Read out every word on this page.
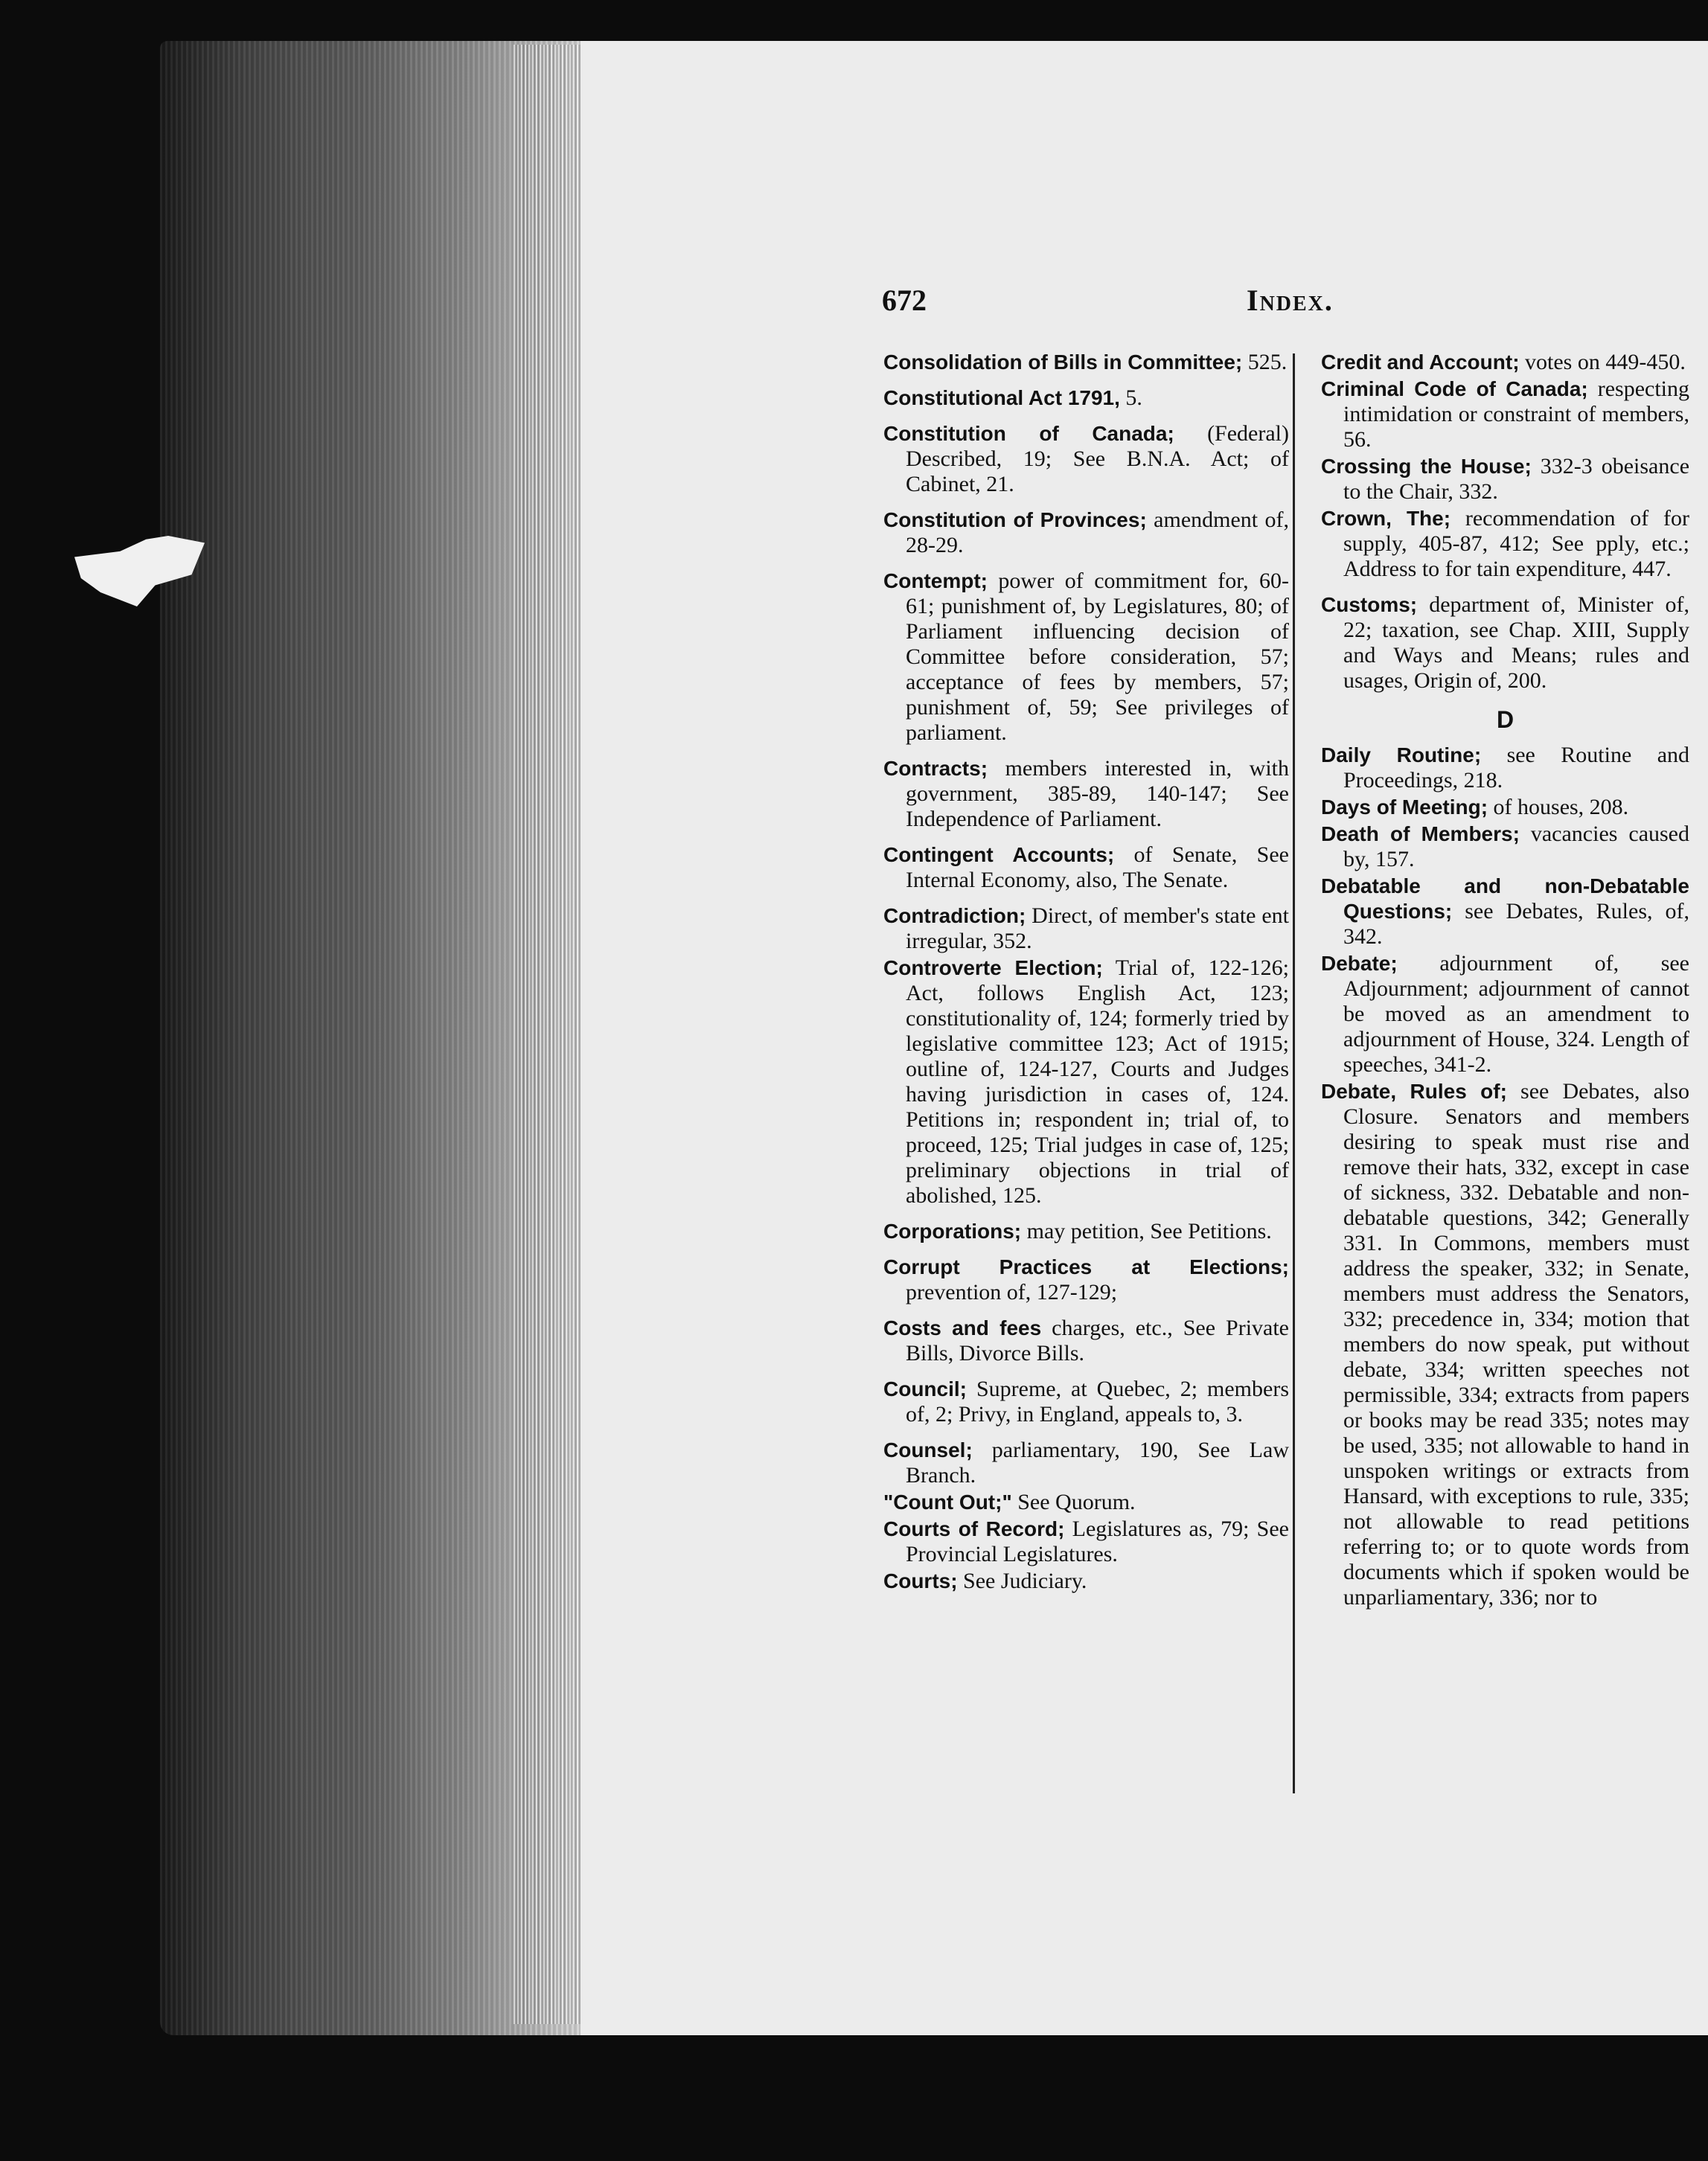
672	Index.
Consolidation of Bills in Committee; 525.
Constitutional Act 1791, 5.
Constitution of Canada; (Federal) Described, 19; See B.N.A. Act; of Cabinet, 21.
Constitution of Provinces; amendment of, 28-29.
Contempt; power of commitment for, 60-61; punishment of, by Legislatures, 80; of Parliament influencing decision of Committee before consideration, 57; acceptance of fees by members, 57; punishment of, 59; See privileges of parliament.
Contracts; members interested in, with government, 385-89, 140-147; See Independence of Parliament.
Contingent Accounts; of Senate, See Internal Economy, also, The Senate.
Contradiction; Direct, of member's state ent irregular, 352.
Controverte Election; Trial of, 122-126; Act, follows English Act, 123; constitutionality of, 124; formerly tried by legislative committee 123; Act of 1915; outline of, 124-127, Courts and Judges having jurisdiction in cases of, 124. Petitions in; respondent in; trial of, to proceed, 125; Trial judges in case of, 125; preliminary objections in trial of abolished, 125.
Corporations; may petition, See Petitions.
Corrupt Practices at Elections; prevention of, 127-129;
Costs and fees charges, etc., See Private Bills, Divorce Bills.
Council; Supreme, at Quebec, 2; members of, 2; Privy, in England, appeals to, 3.
Counsel; parliamentary, 190, See Law Branch.
"Count Out;" See Quorum.
Courts of Record; Legislatures as, 79; See Provincial Legislatures.
Courts; See Judiciary.
Credit and Account; votes on 449-450.
Criminal Code of Canada; respecting intimidation or constraint of members, 56.
Crossing the House; 332-3 obeisance to the Chair, 332.
Crown, The; recommendation of for supply, 405-87, 412; See pply, etc.; Address to for tain expenditure, 447.
Customs; department of, Minister of, 22; taxation, see Chap. XIII, Supply and Ways and Means; rules and usages, Origin of, 200.
D
Daily Routine; see Routine and Proceedings, 218.
Days of Meeting; of houses, 208.
Death of Members; vacancies caused by, 157.
Debatable and non-Debatable Questions; see Debates, Rules, of, 342.
Debate; adjournment of, see Adjournment; adjournment of cannot be moved as an amendment to adjournment of House, 324. Length of speeches, 341-2.
Debate, Rules of; see Debates, also Closure. Senators and members desiring to speak must rise and remove their hats, 332, except in case of sickness, 332. Debatable and non-debatable questions, 342; Generally 331. In Commons, members must address the speaker, 332; in Senate, members must address the Senators, 332; precedence in, 334; motion that members do now speak, put without debate, 334; written speeches not permissible, 334; extracts from papers or books may be read 335; notes may be used, 335; not allowable to hand in unspoken writings or extracts from Hansard, with exceptions to rule, 335; not allowable to read petitions referring to; or to quote words from documents which if spoken would be unparliamentary, 336; nor to
